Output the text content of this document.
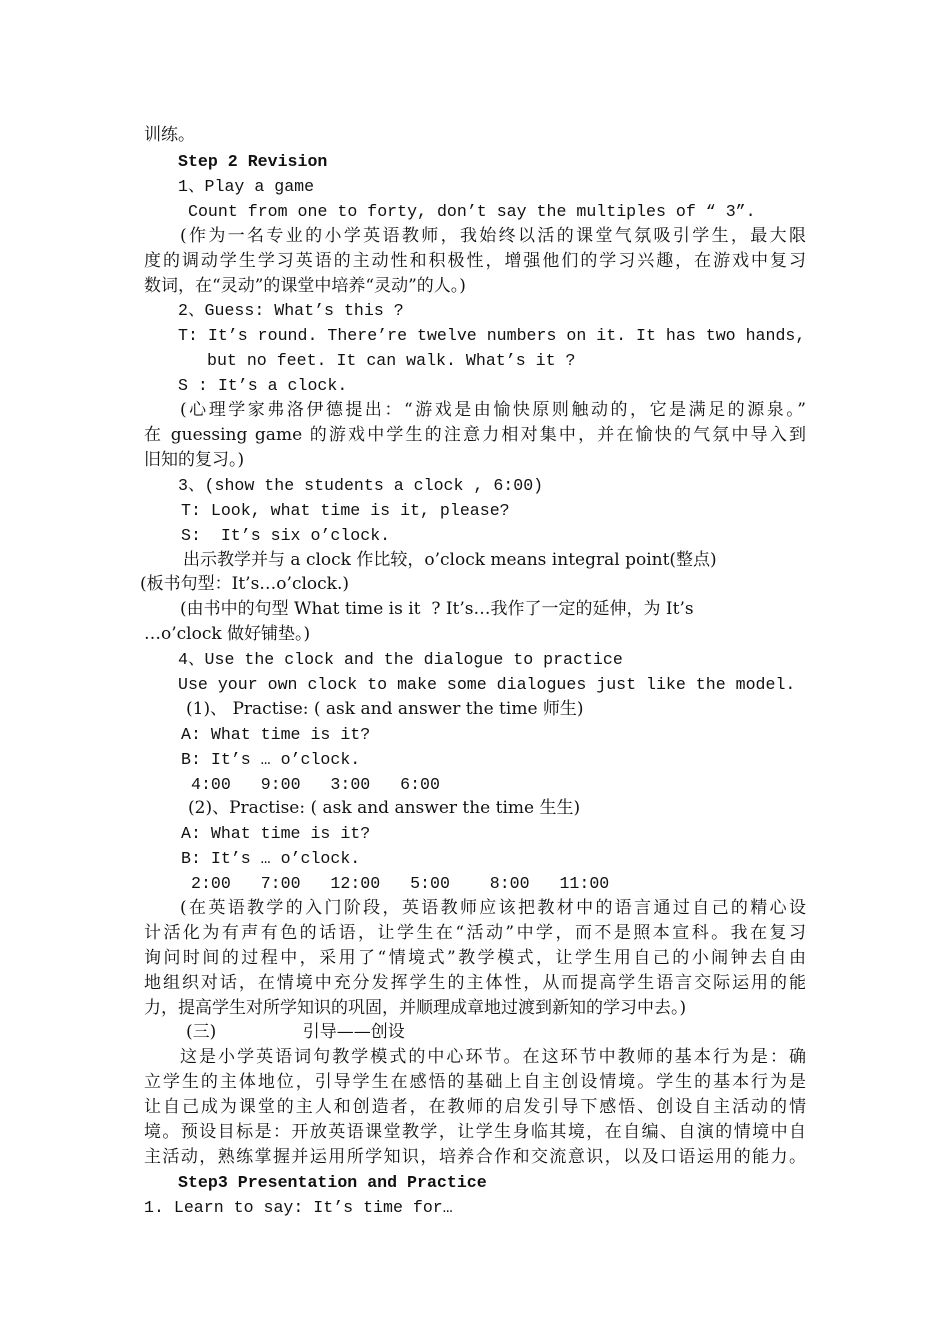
训练。
Step 2 Revision
1、Play a game
Count from one to forty, don’t say the multiples of “ 3”.
(作为一名专业的小学英语教师，我始终以活的课堂气氛吸引学生，最大限
度的调动学生学习英语的主动性和积极性，增强他们的学习兴趣，在游戏中复习
数词，在“灵动”的课堂中培养“灵动”的人。)
2、Guess: What’s this ?
T: It’s round. There’re twelve numbers on it. It has two hands,
but no feet. It can walk. What’s it ?
S : It’s a clock.
(心理学家弗洛伊德提出：“游戏是由愉快原则触动的，它是满足的源泉。”
在 guessing game 的游戏中学生的注意力相对集中，并在愉快的气氛中导入到
旧知的复习。)
3、(show the students a clock , 6:00)
T: Look, what time is it, please?
S:  It’s six o’clock.
出示教学并与 a clock 作比较，o’clock means integral point(整点)
(板书句型：It’s…o’clock.)
(由书中的句型 What time is it  ? It’s…我作了一定的延伸，为 It’s
…o’clock 做好铺垫。)
4、Use the clock and the dialogue to practice
Use your own clock to make some dialogues just like the model.
(1)、 Practise: ( ask and answer the time 师生)
A: What time is it?
B: It’s … o’clock.
4:00   9:00   3:00   6:00
(2)、Practise: ( ask and answer the time 生生)
A: What time is it?
B: It’s … o’clock.
2:00   7:00   12:00   5:00    8:00   11:00
(在英语教学的入门阶段，英语教师应该把教材中的语言通过自己的精心设
计活化为有声有色的话语，让学生在“活动”中学，而不是照本宣科。我在复习
询问时间的过程中，采用了“情境式”教学模式，让学生用自己的小闹钟去自由
地组织对话，在情境中充分发挥学生的主体性，从而提高学生语言交际运用的能
力，提高学生对所学知识的巩固，并顺理成章地过渡到新知的学习中去。)
(三)                引导——创设
这是小学英语词句教学模式的中心环节。在这环节中教师的基本行为是：确
立学生的主体地位，引导学生在感悟的基础上自主创设情境。学生的基本行为是
让自己成为课堂的主人和创造者，在教师的启发引导下感悟、创设自主活动的情
境。预设目标是：开放英语课堂教学，让学生身临其境，在自编、自演的情境中自
主活动，熟练掌握并运用所学知识，培养合作和交流意识，以及口语运用的能力。
Step3 Presentation and Practice
1. Learn to say: It’s time for…
